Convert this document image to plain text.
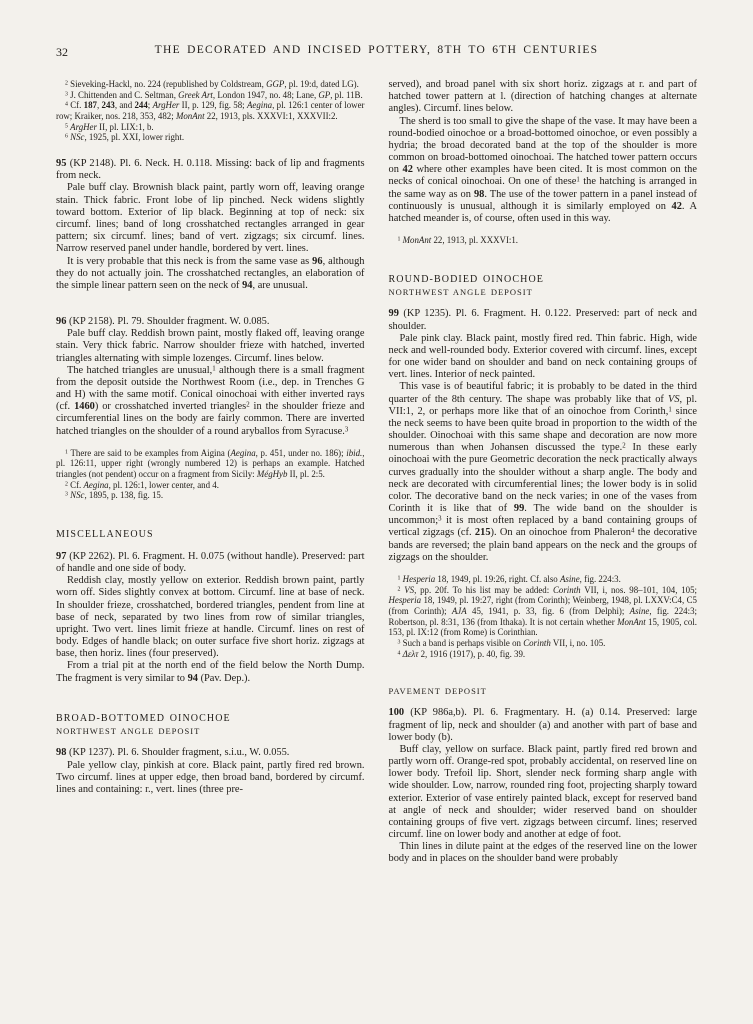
32	THE DECORATED AND INCISED POTTERY, 8TH TO 6TH CENTURIES

$^2$ Sieveking-Hackl, no. 224 (republished by Coldstream, GGP, pl. 19:d, dated LG).

$^3$ J. Chittenden and C. Seltman, Greek Art, London 1947, no. 48; Lane, GP, pl. 11B.

$^4$ Cf. 187, 243, and 244; ArgHer II, p. 129, fig. 58; Aegina, pl. 126:1 center of lower row; Kraiker, nos. 218, 353, 482; MonAnt 22, 1913, pls. XXXVI:1, XXXVII:2.

$^5$ ArgHer II, pl. LIX:1, b.

$^6$ NSc, 1925, pl. XXI, lower right.

95 (KP 2148). Pl. 6. Neck. H. 0.118. Missing: back of lip and fragments from neck.

Pale buff clay. Brownish black paint, partly worn off, leaving orange stain. Thick fabric. Front lobe of lip pinched. Neck widens slightly toward bottom. Exterior of lip black. Beginning at top of neck: six circumf. lines; band of long crosshatched rectangles arranged in gear pattern; six circumf. lines; band of vert. zigzags; six circumf. lines. Narrow reserved panel under handle, bordered by vert. lines.

It is very probable that this neck is from the same vase as 96, although they do not actually join. The crosshatched rectangles, an elaboration of the simple linear pattern seen on the neck of 94, are unusual.

96 (KP 2158). Pl. 79. Shoulder fragment. W. 0.085.

Pale buff clay. Reddish brown paint, mostly flaked off, leaving orange stain. Very thick fabric. Narrow shoulder frieze with hatched, inverted triangles alternating with simple lozenges. Circumf. lines below.

The hatched triangles are unusual,$^1$ although there is a small fragment from the deposit outside the Northwest Room (i.e., dep. in Trenches G and H) with the same motif. Conical oinochoai with either inverted rays (cf. 1460) or crosshatched inverted triangles$^2$ in the shoulder frieze and circumferential lines on the body are fairly common. There are inverted hatched triangles on the shoulder of a round aryballos from Syracuse.$^3$

$^1$ There are said to be examples from Aigina (Aegina, p. 451, under no. 186); ibid., pl. 126:11, upper right (wrongly numbered 12) is perhaps an example. Hatched triangles (not pendent) occur on a fragment from Sicily: MégHyb II, pl. 2:5.

$^2$ Cf. Aegina, pl. 126:1, lower center, and 4.

$^3$ NSc, 1895, p. 138, fig. 15.

MISCELLANEOUS

97 (KP 2262). Pl. 6. Fragment. H. 0.075 (without handle). Preserved: part of handle and one side of body.

Reddish clay, mostly yellow on exterior. Reddish brown paint, partly worn off. Sides slightly convex at bottom. Circumf. line at base of neck. In shoulder frieze, crosshatched, bordered triangles, pendent from line at base of neck, separated by two lines from row of similar triangles, upright. Two vert. lines limit frieze at handle. Circumf. lines on rest of body. Edges of handle black; on outer surface five short horiz. zigzags at base, then horiz. lines (four preserved).

From a trial pit at the north end of the field below the North Dump. The fragment is very similar to 94 (Pav. Dep.).

BROAD-BOTTOMED OINOCHOE
NORTHWEST ANGLE DEPOSIT

98 (KP 1237). Pl. 6. Shoulder fragment, s.i.u., W. 0.055.

Pale yellow clay, pinkish at core. Black paint, partly fired red brown. Two circumf. lines at upper edge, then broad band, bordered by circumf. lines and containing: r., vert. lines (three pre-

served), and broad panel with six short horiz. zigzags at r. and part of hatched tower pattern at l. (direction of hatching changes at alternate angles). Circumf. lines below.

The sherd is too small to give the shape of the vase. It may have been a round-bodied oinochoe or a broad-bottomed oinochoe, or even possibly a hydria; the broad decorated band at the top of the shoulder is more common on broad-bottomed oinochoai. The hatched tower pattern occurs on 42 where other examples have been cited. It is most common on the necks of conical oinochoai. On one of these$^1$ the hatching is arranged in the same way as on 98. The use of the tower pattern in a panel instead of continuously is unusual, although it is similarly employed on 42. A hatched meander is, of course, often used in this way.

$^1$ MonAnt 22, 1913, pl. XXXVI:1.

ROUND-BODIED OINOCHOE
NORTHWEST ANGLE DEPOSIT

99 (KP 1235). Pl. 6. Fragment. H. 0.122. Preserved: part of neck and shoulder.

Pale pink clay. Black paint, mostly fired red. Thin fabric. High, wide neck and well-rounded body. Exterior covered with circumf. lines, except for one wider band on shoulder and band on neck containing groups of vert. lines. Interior of neck painted.

This vase is of beautiful fabric; it is probably to be dated in the third quarter of the 8th century. The shape was probably like that of VS, pl. VII:1, 2, or perhaps more like that of an oinochoe from Corinth,$^1$ since the neck seems to have been quite broad in proportion to the width of the shoulder. Oinochoai with this same shape and decoration are now more numerous than when Johansen discussed the type.$^2$ In these early oinochoai with the pure Geometric decoration the neck practically always curves gradually into the shoulder without a sharp angle. The body and neck are decorated with circumferential lines; the lower body is in solid color. The decorative band on the neck varies; in one of the vases from Corinth it is like that of 99. The wide band on the shoulder is uncommon;$^3$ it is most often replaced by a band containing groups of vertical zigzags (cf. 215). On an oinochoe from Phaleron$^4$ the decorative bands are reversed; the plain band appears on the neck and the groups of zigzags on the shoulder.

$^1$ Hesperia 18, 1949, pl. 19:26, right. Cf. also Asine, fig. 224:3.

$^2$ VS, pp. 20f. To his list may be added: Corinth VII, i, nos. 98–101, 104, 105; Hesperia 18, 1949, pl. 19:27, right (from Corinth); Weinberg, 1948, pl. LXXV:C4, C5 (from Corinth); AJA 45, 1941, p. 33, fig. 6 (from Delphi); Asine, fig. 224:3; Robertson, pl. 8:31, 136 (from Ithaka). It is not certain whether MonAnt 15, 1905, col. 153, pl. IX:12 (from Rome) is Corinthian.

$^3$ Such a band is perhaps visible on Corinth VII, i, no. 105.

$^4$ Δελτ 2, 1916 (1917), p. 40, fig. 39.

PAVEMENT DEPOSIT

100 (KP 986a,b). Pl. 6. Fragmentary. H. (a) 0.14. Preserved: large fragment of lip, neck and shoulder (a) and another with part of base and lower body (b).

Buff clay, yellow on surface. Black paint, partly fired red brown and partly worn off. Orange-red spot, probably accidental, on reserved line on lower body. Trefoil lip. Short, slender neck forming sharp angle with wide shoulder. Low, narrow, rounded ring foot, projecting sharply toward exterior. Exterior of vase entirely painted black, except for reserved band at angle of neck and shoulder; wider reserved band on shoulder containing groups of five vert. zigzags between circumf. lines; reserved circumf. line on lower body and another at edge of foot.

Thin lines in dilute paint at the edges of the reserved line on the lower body and in places on the shoulder band were probably
